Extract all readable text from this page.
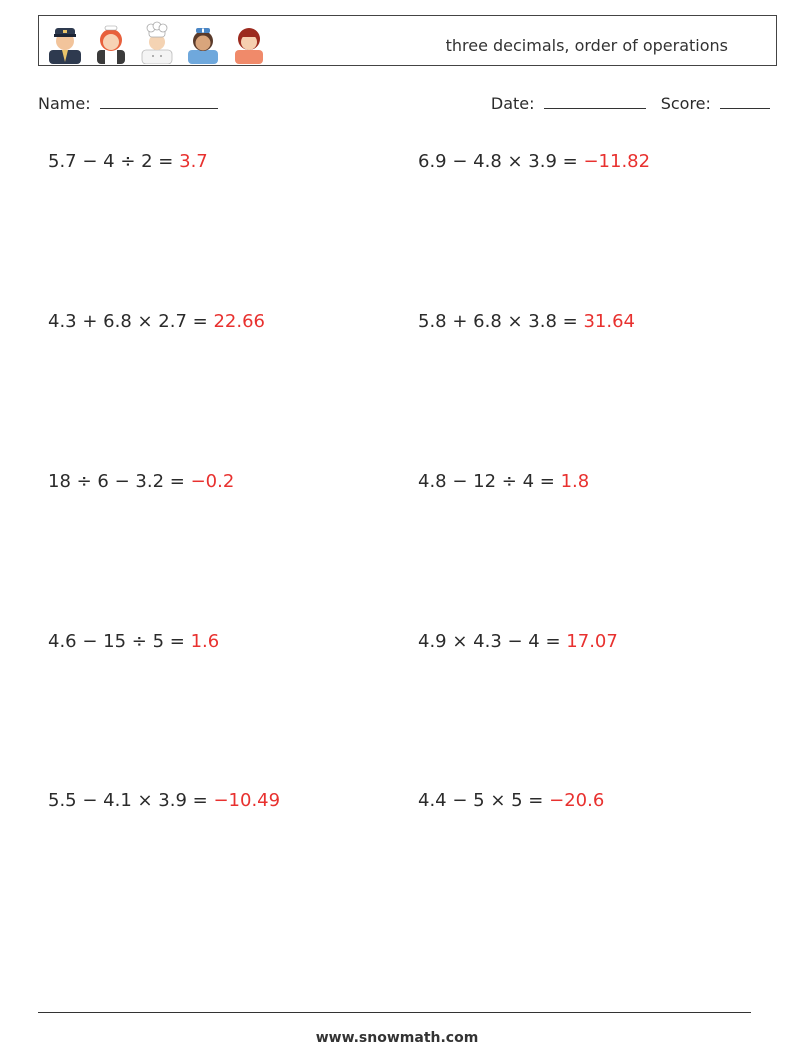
three decimals, order of operations
Name:	Date:	Score:
5.7 − 4 ÷ 2 = 3.7	6.9 − 4.8 × 3.9 = −11.82
4.3 + 6.8 × 2.7 = 22.66	5.8 + 6.8 × 3.8 = 31.64
18 ÷ 6 − 3.2 = −0.2	4.8 − 12 ÷ 4 = 1.8
4.6 − 15 ÷ 5 = 1.6	4.9 × 4.3 − 4 = 17.07
5.5 − 4.1 × 3.9 = −10.49	4.4 − 5 × 5 = −20.6
www.snowmath.com
